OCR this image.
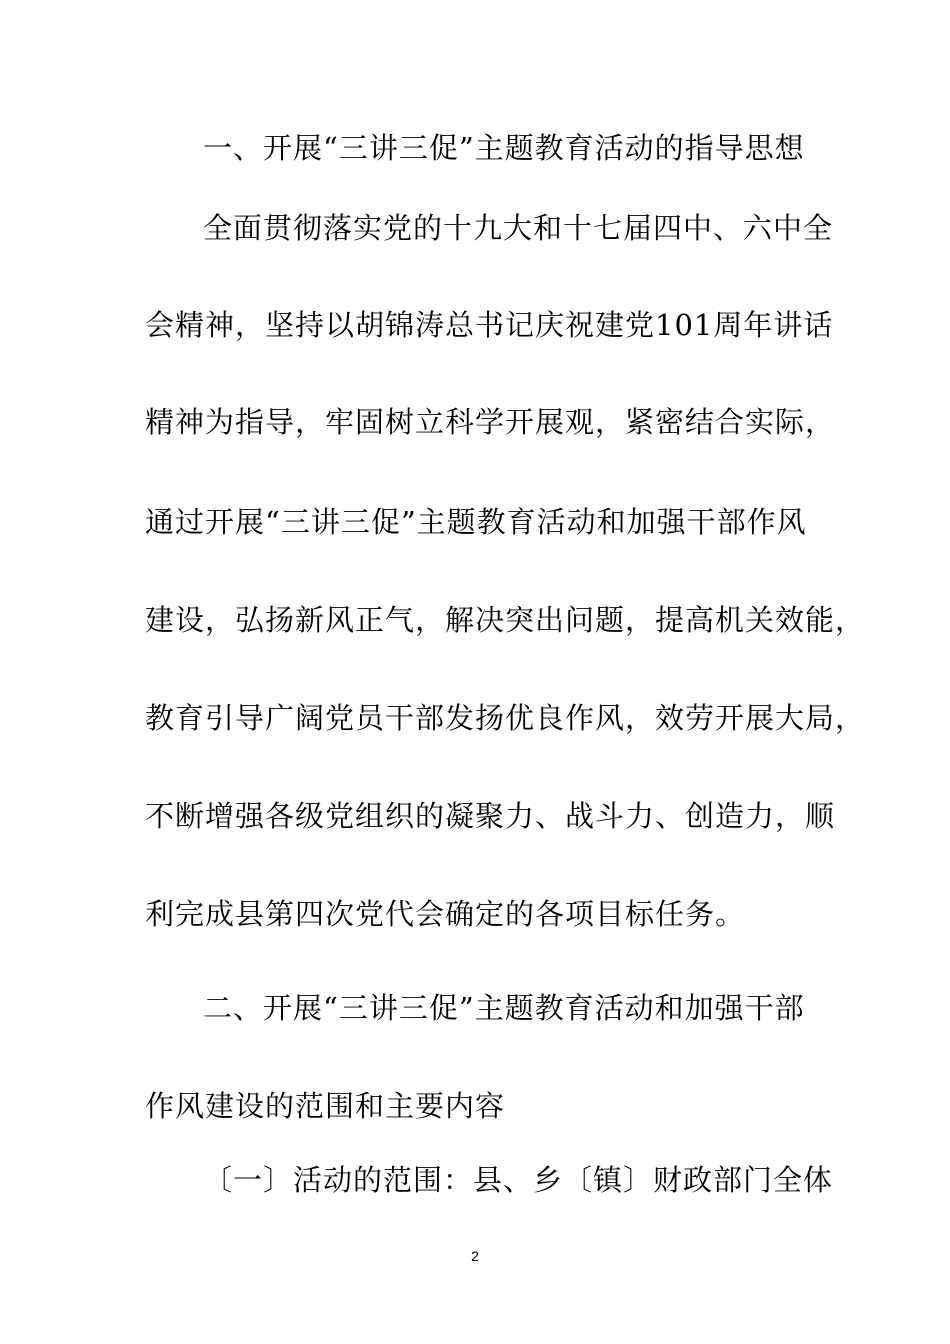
一、开展“三讲三促”主题教育活动的指导思想
全面贯彻落实党的十九大和十七届四中、六中全
会精神，坚持以胡锦涛总书记庆祝建党101周年讲话
精神为指导，牢固树立科学开展观，紧密结合实际，
通过开展“三讲三促”主题教育活动和加强干部作风
建设，弘扬新风正气，解决突出问题，提高机关效能，
教育引导广阔党员干部发扬优良作风，效劳开展大局，
不断增强各级党组织的凝聚力、战斗力、创造力，顺
利完成县第四次党代会确定的各项目标任务。
二、开展“三讲三促”主题教育活动和加强干部
作风建设的范围和主要内容
〔一〕活动的范围：县、乡〔镇〕财政部门全体
2
